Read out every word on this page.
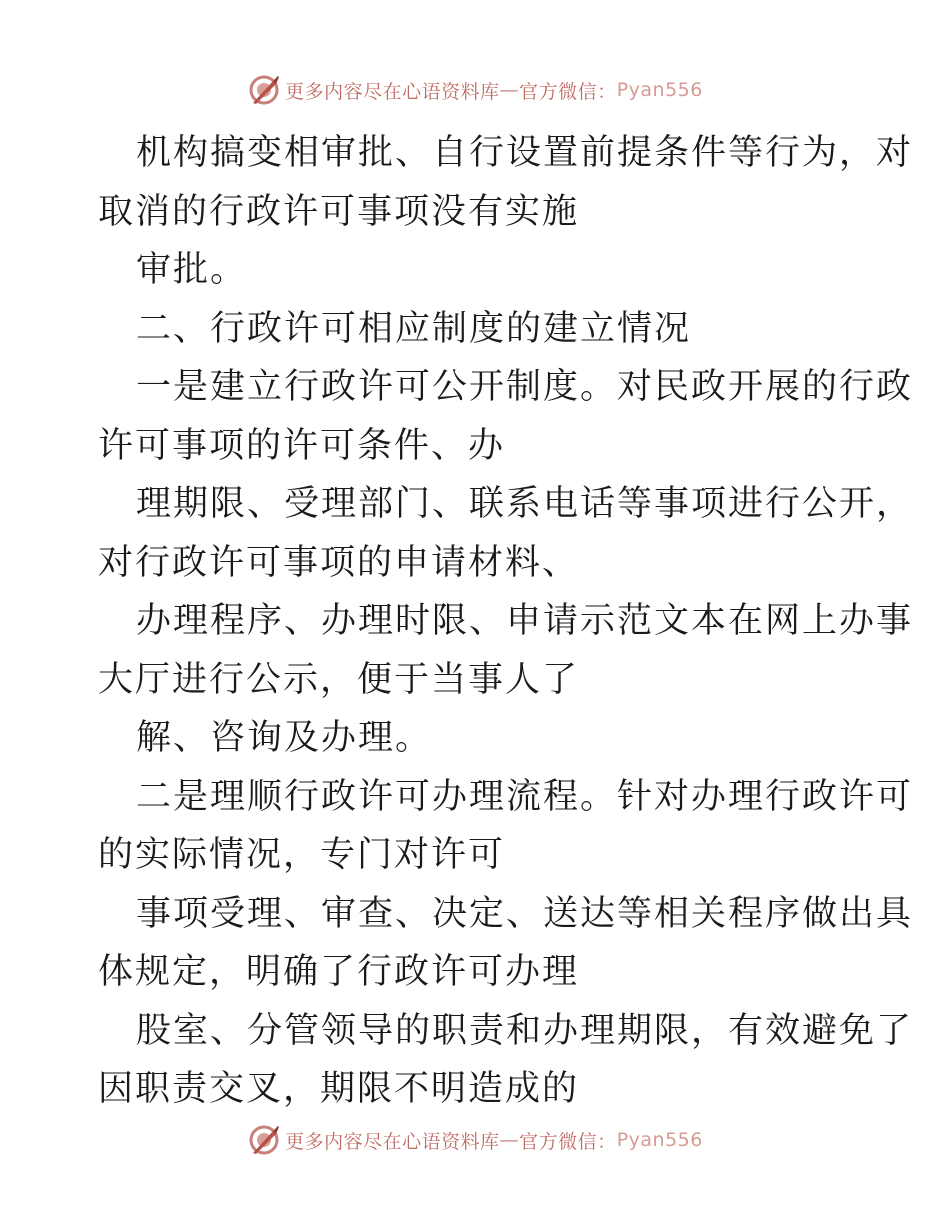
更多内容尽在心语资料库 — 官方微信： Pyan556
机构搞变相审批、自行设置前提条件等行为，对
取消的行政许可事项没有实施
审批。
二、行政许可相应制度的建立情况
一是建立行政许可公开制度。对民政开展的行政
许可事项的许可条件、办
理期限、受理部门、联系电话等事项进行公开，
对行政许可事项的申请材料、
办理程序、办理时限、申请示范文本在网上办事
大厅进行公示，便于当事人了
解、咨询及办理。
二是理顺行政许可办理流程。针对办理行政许可
的实际情况，专门对许可
事项受理、审查、决定、送达等相关程序做出具
体规定，明确了行政许可办理
股室、分管领导的职责和办理期限，有效避免了
因职责交叉，期限不明造成的
更多内容尽在心语资料库 — 官方微信： Pyan556
